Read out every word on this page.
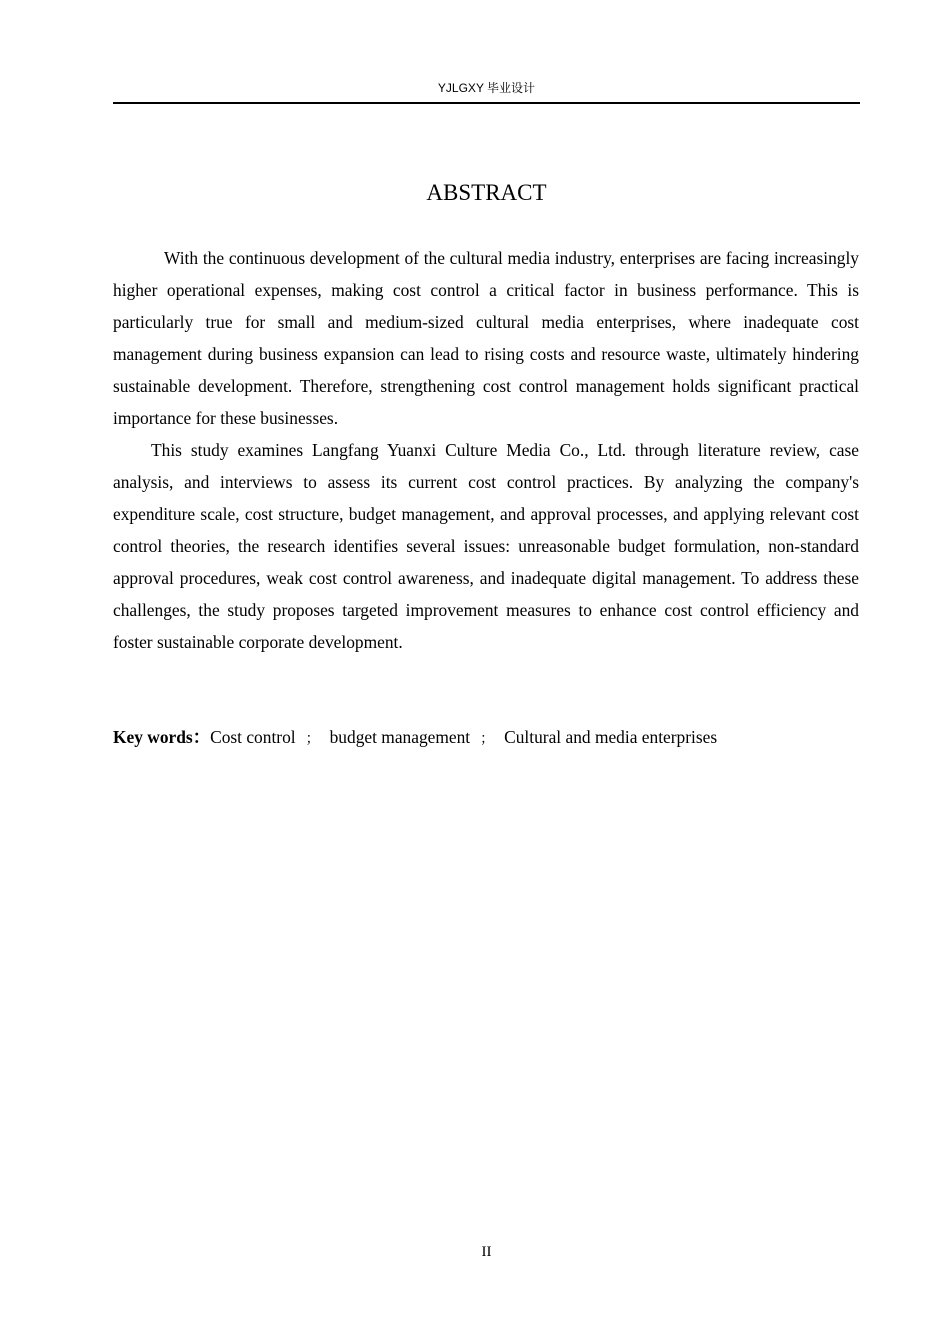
YJLGXY 毕业设计
ABSTRACT

With the continuous development of the cultural media industry, enterprises are facing increasingly higher operational expenses, making cost control a critical factor in business performance. This is particularly true for small and medium-sized cultural media enterprises, where inadequate cost management during business expansion can lead to rising costs and resource waste, ultimately hindering sustainable development. Therefore, strengthening cost control management holds significant practical importance for these businesses.

This study examines Langfang Yuanxi Culture Media Co., Ltd. through literature review, case analysis, and interviews to assess its current cost control practices. By analyzing the company's expenditure scale, cost structure, budget management, and approval processes, and applying relevant cost control theories, the research identifies several issues: unreasonable budget formulation, non-standard approval procedures, weak cost control awareness, and inadequate digital management. To address these challenges, the study proposes targeted improvement measures to enhance cost control efficiency and foster sustainable corporate development.

Key words：Cost control ； budget management ； Cultural and media enterprises
II
